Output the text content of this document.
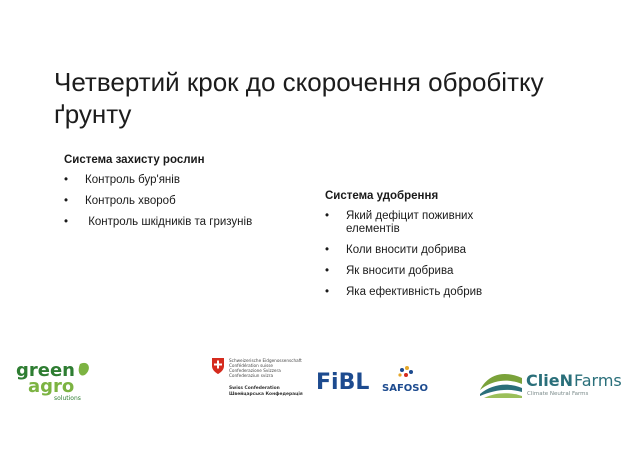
Четвертий крок до скорочення обробітку ґрунту
Система захисту рослин
• Контроль бур'янів
• Контроль хвороб
• Контроль шкідників та гризунів
Система удобрення
• Який дефіцит поживних елементів
• Коли вносити добрива
• Як вносити добрива
• Яка ефективність добрив
green
agro
solutions
Schweizerische Eidgenossenschaft
Confédération suisse
Confederazione Svizzera
Confederaziun svizra
Swiss Confederation
Швейцарська Конфедерація FiBL SAFOSO	ClieN Farms
Climate Neutral Farms
